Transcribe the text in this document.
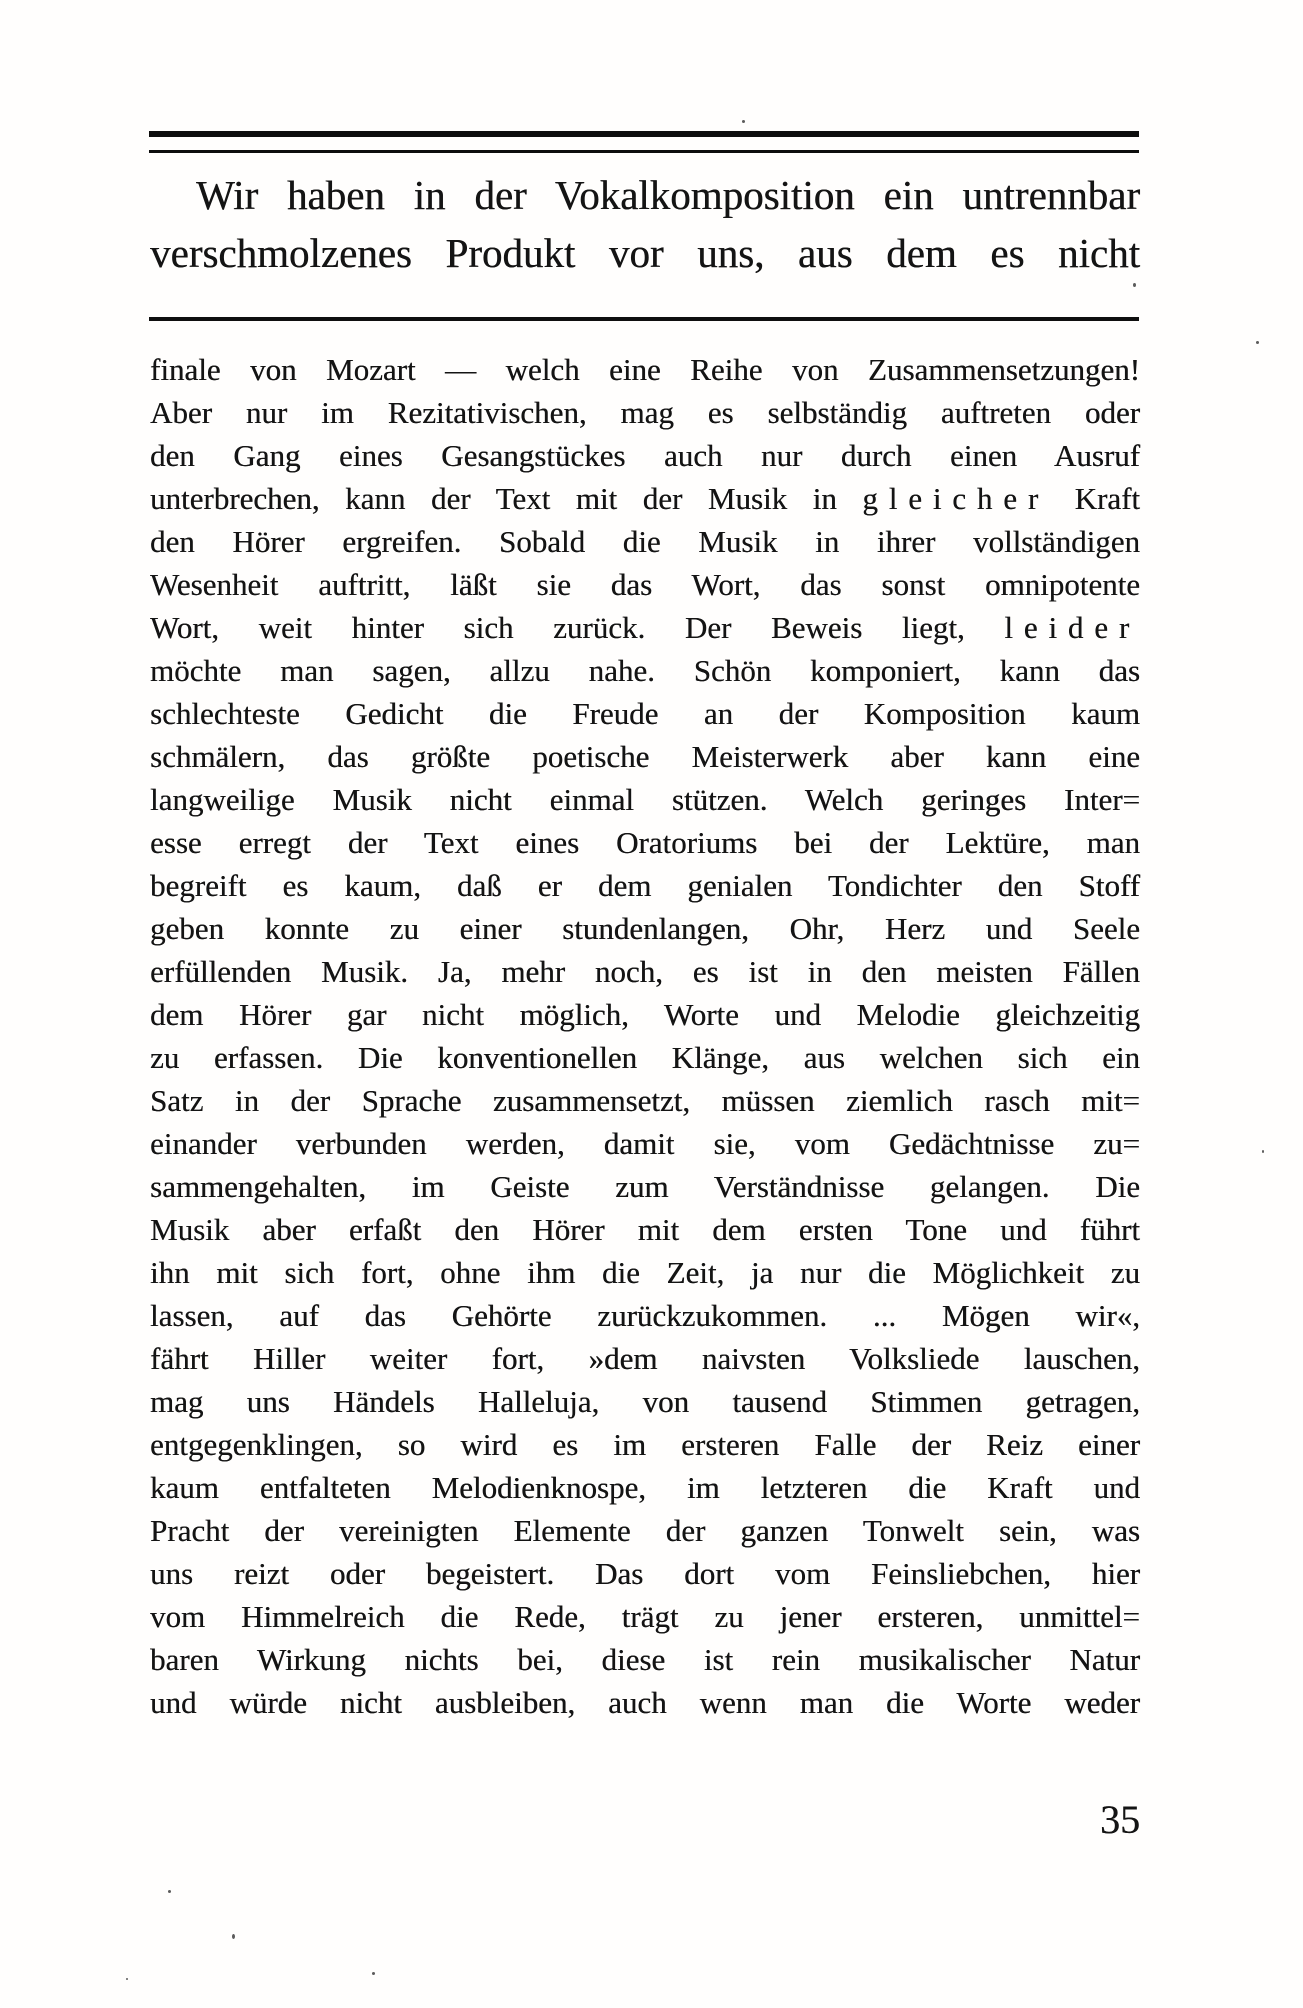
Wir haben in der Vokalkomposition ein untrennbar
verschmolzenes Produkt vor uns, aus dem es nicht
finale von Mozart — welch eine Reihe von Zusammensetzungen!
Aber nur im Rezitativischen, mag es selbständig auftreten oder
den Gang eines Gesangstückes auch nur durch einen Ausruf
unterbrechen, kann der Text mit der Musik in gleicher Kraft
den Hörer ergreifen. Sobald die Musik in ihrer vollständigen
Wesenheit auftritt, läßt sie das Wort, das sonst omnipotente
Wort, weit hinter sich zurück. Der Beweis liegt, leider
möchte man sagen, allzu nahe. Schön komponiert, kann das
schlechteste Gedicht die Freude an der Komposition kaum
schmälern, das größte poetische Meisterwerk aber kann eine
langweilige Musik nicht einmal stützen. Welch geringes Inter=
esse erregt der Text eines Oratoriums bei der Lektüre, man
begreift es kaum, daß er dem genialen Tondichter den Stoff
geben konnte zu einer stundenlangen, Ohr, Herz und Seele
erfüllenden Musik. Ja, mehr noch, es ist in den meisten Fällen
dem Hörer gar nicht möglich, Worte und Melodie gleichzeitig
zu erfassen. Die konventionellen Klänge, aus welchen sich ein
Satz in der Sprache zusammensetzt, müssen ziemlich rasch mit=
einander verbunden werden, damit sie, vom Gedächtnisse zu=
sammengehalten, im Geiste zum Verständnisse gelangen. Die
Musik aber erfaßt den Hörer mit dem ersten Tone und führt
ihn mit sich fort, ohne ihm die Zeit, ja nur die Möglichkeit zu
lassen, auf das Gehörte zurückzukommen. ... Mögen wir«,
fährt Hiller weiter fort, »dem naivsten Volksliede lauschen,
mag uns Händels Halleluja, von tausend Stimmen getragen,
entgegenklingen, so wird es im ersteren Falle der Reiz einer
kaum entfalteten Melodienknospe, im letzteren die Kraft und
Pracht der vereinigten Elemente der ganzen Tonwelt sein, was
uns reizt oder begeistert. Das dort vom Feinsliebchen, hier
vom Himmelreich die Rede, trägt zu jener ersteren, unmittel=
baren Wirkung nichts bei, diese ist rein musikalischer Natur
und würde nicht ausbleiben, auch wenn man die Worte weder
35
